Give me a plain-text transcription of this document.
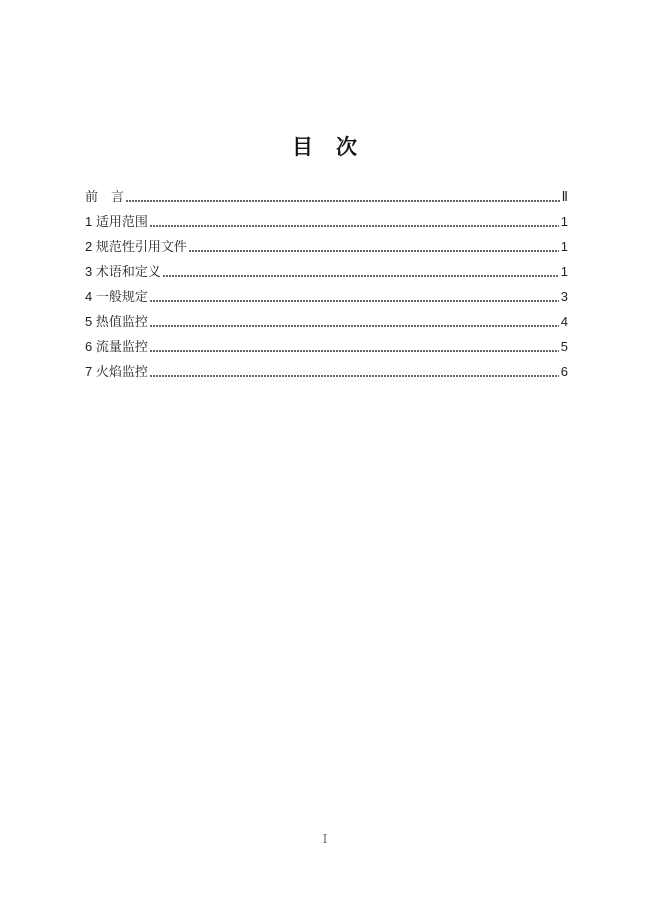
目　次
前　言	Ⅱ
1 适用范围	1
2 规范性引用文件	1
3 术语和定义	1
4 一般规定	3
5 热值监控	4
6 流量监控	5
7 火焰监控	6
Ⅰ
